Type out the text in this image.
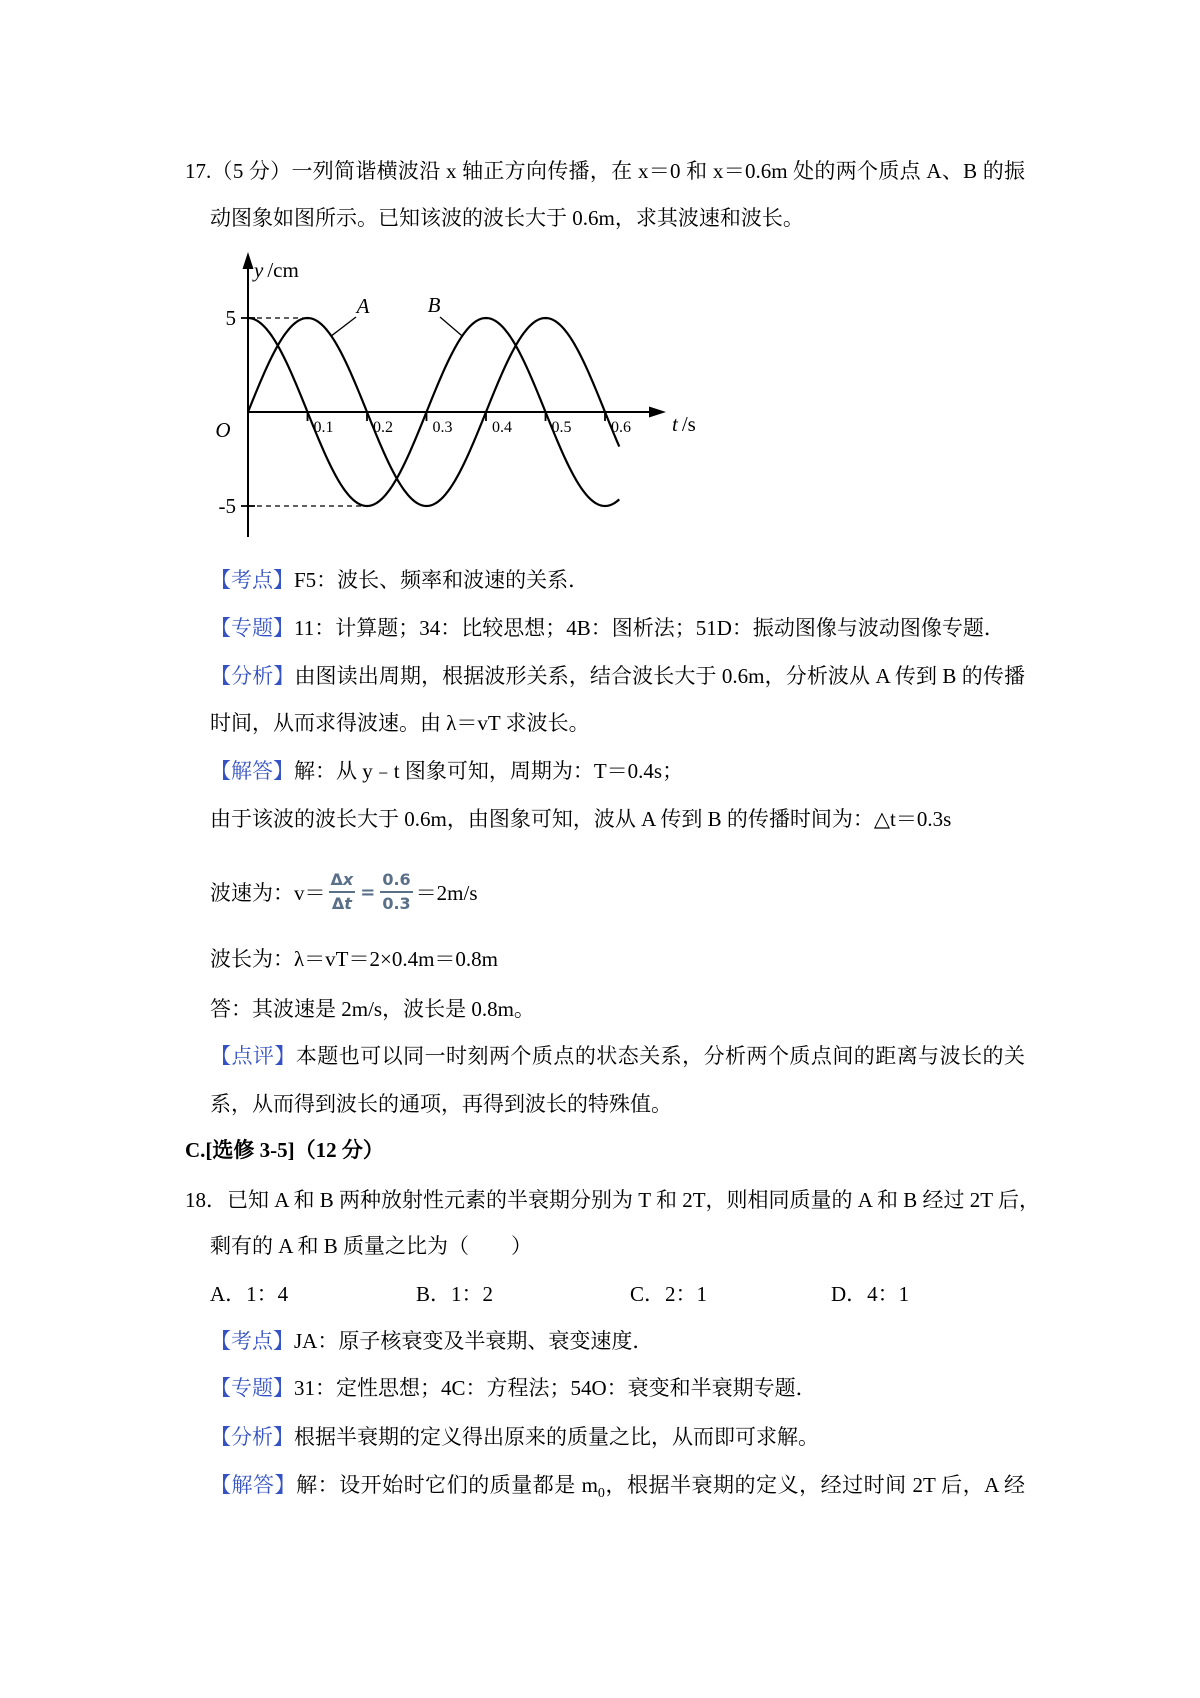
17.（5 分）一列简谐横波沿 x 轴正方向传播，在 x＝0 和 x＝0.6m 处的两个质点 A、B 的振
动图象如图所示。已知该波的波长大于 0.6m，求其波速和波长。
y /cm
t /s
O
5
-5
0.1 0.2 0.3 0.4 0.5 0.6
A	B
【考点】F5：波长、频率和波速的关系．
【专题】11：计算题；34：比较思想；4B：图析法；51D：振动图像与波动图像专题．
【分析】由图读出周期，根据波形关系，结合波长大于 0.6m，分析波从 A 传到 B 的传播
时间，从而求得波速。由 λ＝vT 求波长。
【解答】解：从 y﹣t 图象可知，周期为：T＝0.4s；
由于该波的波长大于 0.6m，由图象可知，波从 A 传到 B 的传播时间为：△t＝0.3s
波速为：$v= \frac{\Delta x}{\Delta t} = \frac{0.6}{0.3} =2m/s$
波长为：λ＝vT＝2×0.4m＝0.8m
答：其波速是 2m/s，波长是 0.8m。
【点评】本题也可以同一时刻两个质点的状态关系，分析两个质点间的距离与波长的关
系，从而得到波长的通项，再得到波长的特殊值。
C.[选修 3-5]（12 分）
18．已知 A 和 B 两种放射性元素的半衰期分别为 T 和 2T，则相同质量的 A 和 B 经过 2T 后，
剩有的 A 和 B 质量之比为（　　）
A．1：4	B．1：2	C．2：1	D．4：1
【考点】JA：原子核衰变及半衰期、衰变速度．
【专题】31：定性思想；4C：方程法；54O：衰变和半衰期专题．
【分析】根据半衰期的定义得出原来的质量之比，从而即可求解。
【解答】解：设开始时它们的质量都是 $m_0$，根据半衰期的定义，经过时间 2T 后，A 经
